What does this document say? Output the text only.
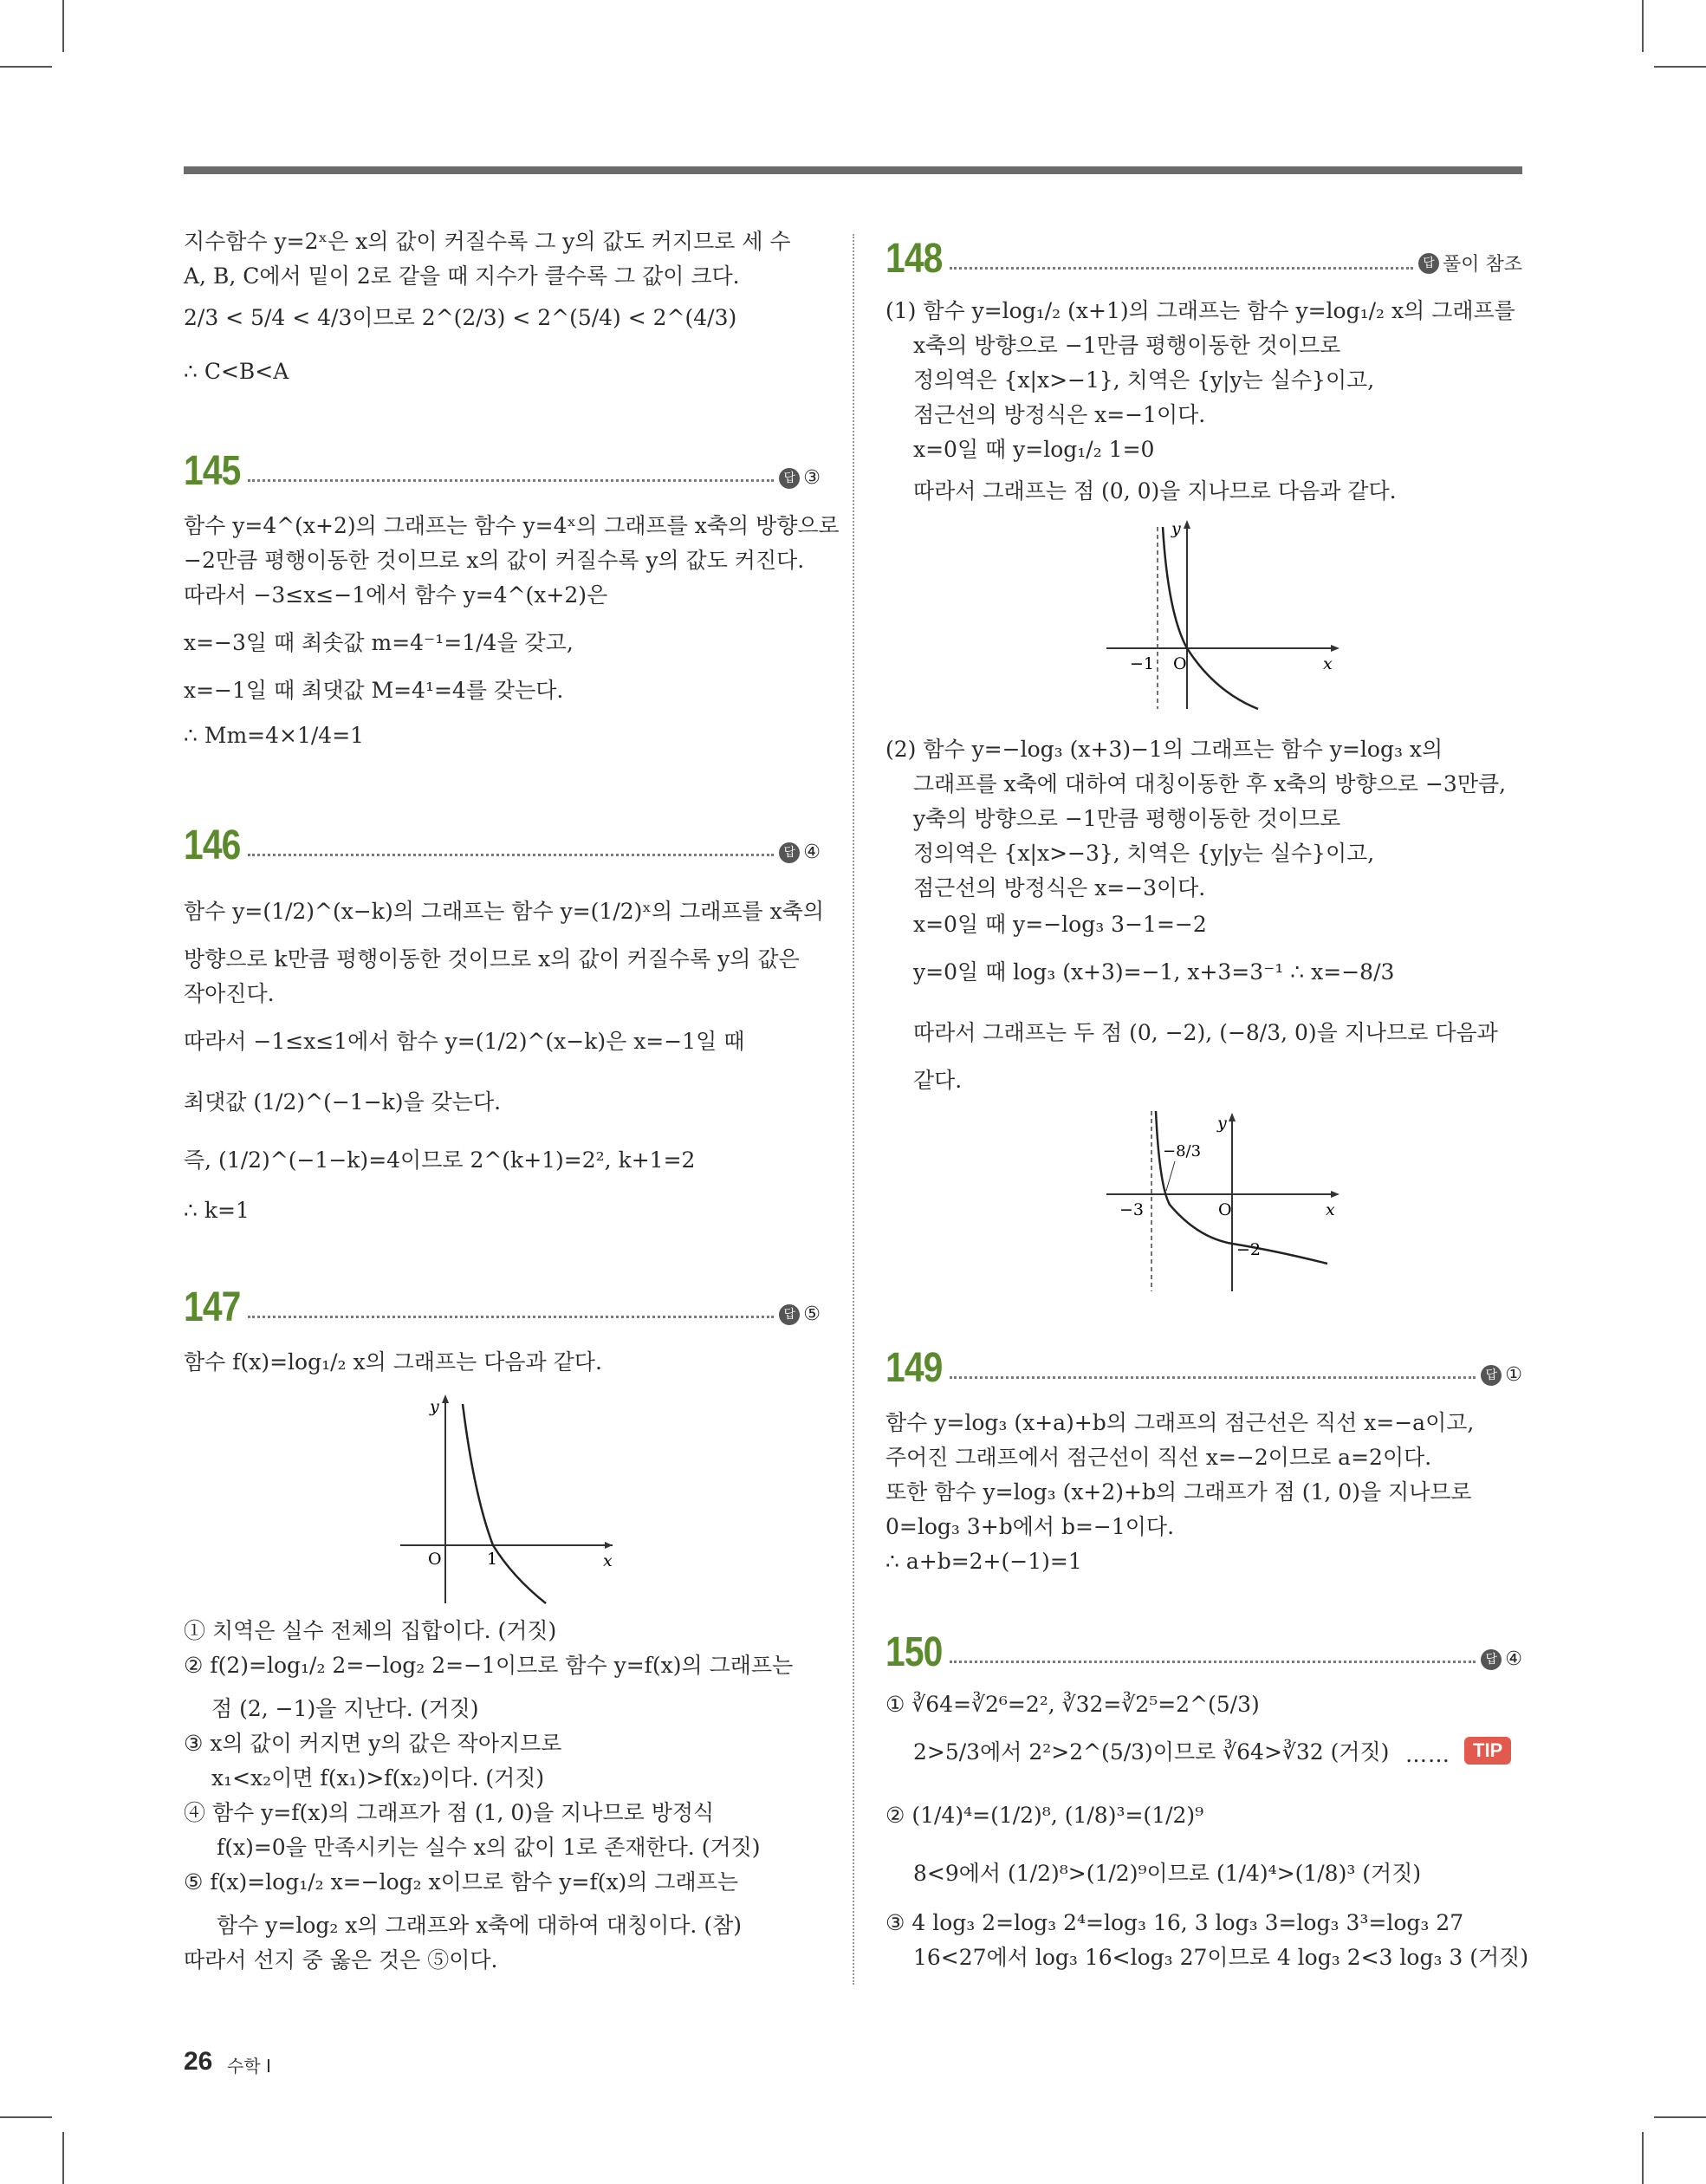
지수함수 y=2ˣ은 x의 값이 커질수록 그 y의 값도 커지므로 세 수
A, B, C에서 밑이 2로 같을 때 지수가 클수록 그 값이 크다.
2/3 < 5/4 < 4/3이므로 2^(2/3) < 2^(5/4) < 2^(4/3)
∴ C<B<A
145	답 ③
함수 y=4^(x+2)의 그래프는 함수 y=4ˣ의 그래프를 x축의 방향으로
−2만큼 평행이동한 것이므로 x의 값이 커질수록 y의 값도 커진다.
따라서 −3≤x≤−1에서 함수 y=4^(x+2)은
x=−3일 때 최솟값 m=4⁻¹=1/4을 갖고,
x=−1일 때 최댓값 M=4¹=4를 갖는다.
∴ Mm=4×1/4=1
146	답 ④
함수 y=(1/2)^(x−k)의 그래프는 함수 y=(1/2)ˣ의 그래프를 x축의
방향으로 k만큼 평행이동한 것이므로 x의 값이 커질수록 y의 값은
작아진다.
따라서 −1≤x≤1에서 함수 y=(1/2)^(x−k)은 x=−1일 때
최댓값 (1/2)^(−1−k)을 갖는다.
즉, (1/2)^(−1−k)=4이므로 2^(k+1)=2², k+1=2
∴ k=1
147	답 ⑤
함수 f(x)=log₁/₂ x의 그래프는 다음과 같다.
y
x
O	1
① 치역은 실수 전체의 집합이다. (거짓)
② f(2)=log₁/₂ 2=−log₂ 2=−1이므로 함수 y=f(x)의 그래프는
점 (2, −1)을 지난다. (거짓)
③ x의 값이 커지면 y의 값은 작아지므로
x₁<x₂이면 f(x₁)>f(x₂)이다. (거짓)
④ 함수 y=f(x)의 그래프가 점 (1, 0)을 지나므로 방정식
f(x)=0을 만족시키는 실수 x의 값이 1로 존재한다. (거짓)
⑤ f(x)=log₁/₂ x=−log₂ x이므로 함수 y=f(x)의 그래프는
함수 y=log₂ x의 그래프와 x축에 대하여 대칭이다. (참)
따라서 선지 중 옳은 것은 ⑤이다.
148	답 풀이 참조
(1) 함수 y=log₁/₂ (x+1)의 그래프는 함수 y=log₁/₂ x의 그래프를
x축의 방향으로 −1만큼 평행이동한 것이므로
정의역은 {x|x>−1}, 치역은 {y|y는 실수}이고,
점근선의 방정식은 x=−1이다.
x=0일 때 y=log₁/₂ 1=0
따라서 그래프는 점 (0, 0)을 지나므로 다음과 같다.
y
x
O
−1
(2) 함수 y=−log₃ (x+3)−1의 그래프는 함수 y=log₃ x의
그래프를 x축에 대하여 대칭이동한 후 x축의 방향으로 −3만큼,
y축의 방향으로 −1만큼 평행이동한 것이므로
정의역은 {x|x>−3}, 치역은 {y|y는 실수}이고,
점근선의 방정식은 x=−3이다.
x=0일 때 y=−log₃ 3−1=−2
y=0일 때 log₃ (x+3)=−1, x+3=3⁻¹ ∴ x=−8/3
따라서 그래프는 두 점 (0, −2), (−8/3, 0)을 지나므로 다음과
같다.
y
x
O
−3
−8/3
−2
149	답 ①
함수 y=log₃ (x+a)+b의 그래프의 점근선은 직선 x=−a이고,
주어진 그래프에서 점근선이 직선 x=−2이므로 a=2이다.
또한 함수 y=log₃ (x+2)+b의 그래프가 점 (1, 0)을 지나므로
0=log₃ 3+b에서 b=−1이다.
∴ a+b=2+(−1)=1
150	답 ④
① ∛64=∛2⁶=2², ∛32=∛2⁵=2^(5/3)
2>5/3에서 2²>2^(5/3)이므로 ∛64>∛32 (거짓) ……	TIP
② (1/4)⁴=(1/2)⁸, (1/8)³=(1/2)⁹
8<9에서 (1/2)⁸>(1/2)⁹이므로 (1/4)⁴>(1/8)³ (거짓)
③ 4 log₃ 2=log₃ 2⁴=log₃ 16, 3 log₃ 3=log₃ 3³=log₃ 27
16<27에서 log₃ 16<log₃ 27이므로 4 log₃ 2<3 log₃ 3 (거짓)
26 수학 I
